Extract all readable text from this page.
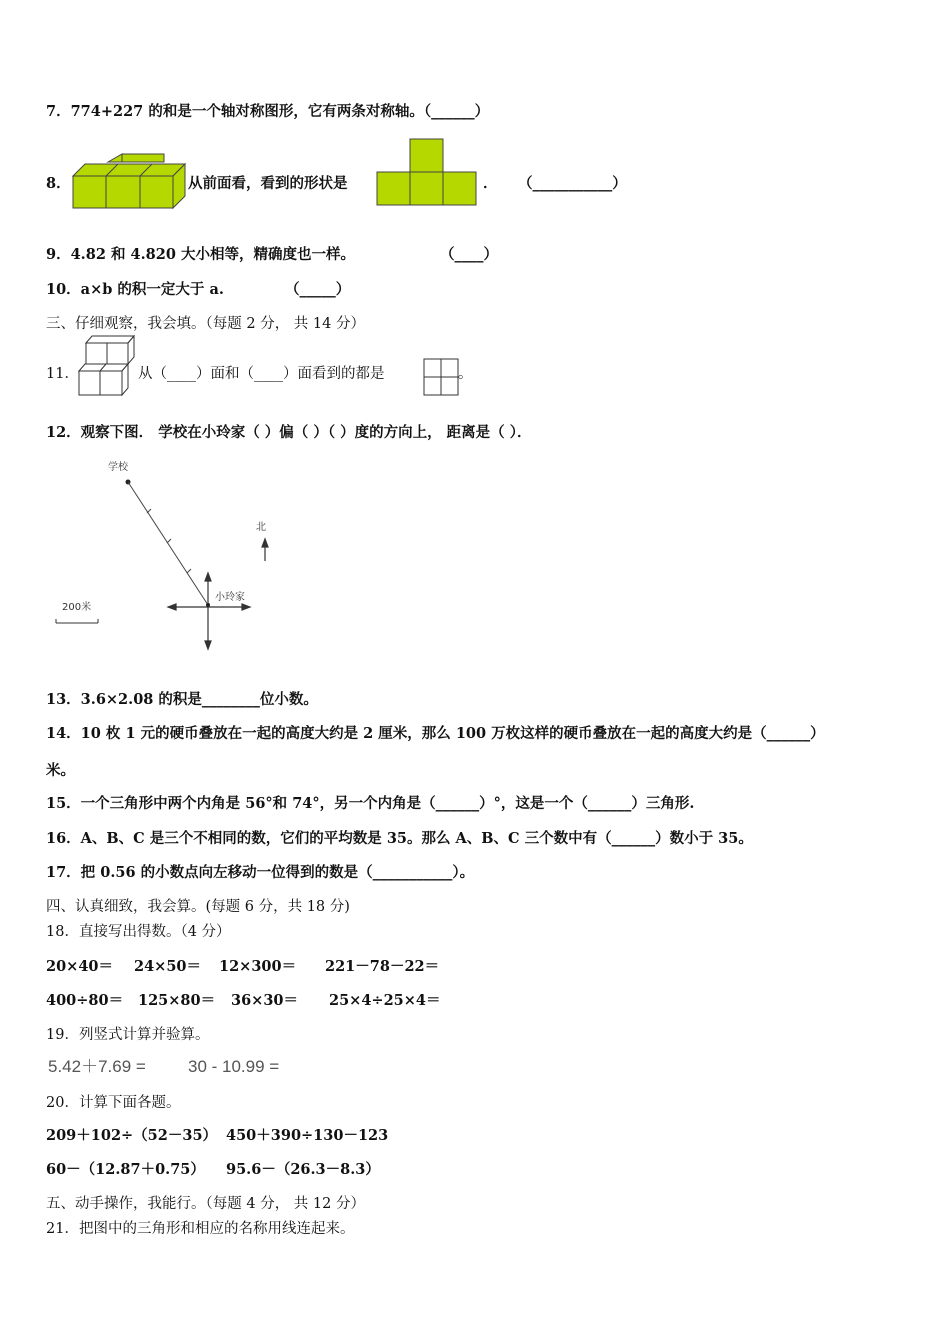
7．774+227 的和是一个轴对称图形，它有两条对称轴。（______）
8．	从前面看，看到的形状是	． （___________）
9．4.82 和 4.820 大小相等，精确度也一样。	（____）
10．a×b 的积一定大于 a.	（_____）
三、仔细观察，我会填。（每题 2 分， 共 14 分）
11．	从（____）面和（____）面看到的都是	。
12．观察下图． 学校在小玲家（ ）偏（ ）（ ）度的方向上， 距离是（ ）．
学校
小玲家
北
200米
13．3.6×2.08 的积是________位小数。
14．10 枚 1 元的硬币叠放在一起的高度大约是 2 厘米，那么 100 万枚这样的硬币叠放在一起的高度大约是（______）
米。
15．一个三角形中两个内角是 56°和 74°，另一个内角是（______）°，这是一个（______）三角形.
16．A、B、C 是三个不相同的数，它们的平均数是 35。那么 A、B、C 三个数中有（______）数小于 35。
17．把 0.56 的小数点向左移动一位得到的数是（___________）。
四、认真细致，我会算。(每题 6 分，共 18 分)
18．直接写出得数。（4 分）
20×40＝ 24×50＝ 12×300＝ 221－78－22＝
400÷80＝ 125×80＝ 36×30＝ 25×4÷25×4＝
19．列竖式计算并验算。
5.42＋7.69 = 30 - 10.99 =
20．计算下面各题。
209＋102÷（52－35） 450＋390÷130－123
60－（12.87＋0.75） 95.6－（26.3－8.3）
五、动手操作，我能行。（每题 4 分， 共 12 分）
21．把图中的三角形和相应的名称用线连起来。
